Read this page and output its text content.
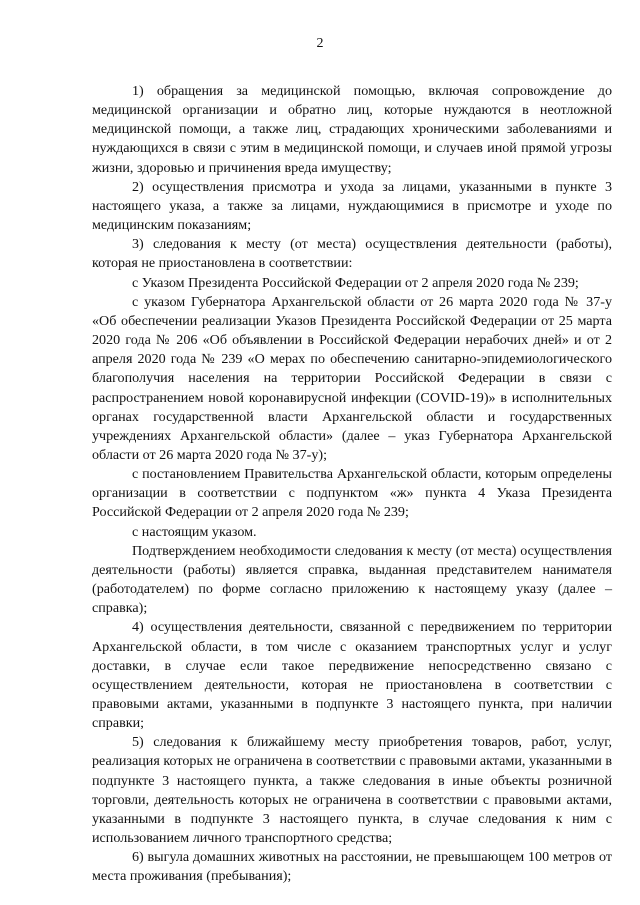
2

1) обращения за медицинской помощью, включая сопровождение до медицинской организации и обратно лиц, которые нуждаются в неотложной медицинской помощи, а также лиц, страдающих хроническими заболеваниями и нуждающихся в связи с этим в медицинской помощи, и случаев иной прямой угрозы жизни, здоровью и причинения вреда имуществу;

2) осуществления присмотра и ухода за лицами, указанными в пункте 3 настоящего указа, а также за лицами, нуждающимися в присмотре и уходе по медицинским показаниям;

3) следования к месту (от места) осуществления деятельности (работы), которая не приостановлена в соответствии:

с Указом Президента Российской Федерации от 2 апреля 2020 года № 239;

с указом Губернатора Архангельской области от 26 марта 2020 года № 37-у «Об обеспечении реализации Указов Президента Российской Федерации от 25 марта 2020 года № 206 «Об объявлении в Российской Федерации нерабочих дней» и от 2 апреля 2020 года № 239 «О мерах по обеспечению санитарно-эпидемиологического благополучия населения на территории Российской Федерации в связи с распространением новой коронавирусной инфекции (COVID-19)» в исполнительных органах государственной власти Архангельской области и государственных учреждениях Архангельской области» (далее – указ Губернатора Архангельской области от 26 марта 2020 года № 37-у);

с постановлением Правительства Архангельской области, которым определены организации в соответствии с подпунктом «ж» пункта 4 Указа Президента Российской Федерации от 2 апреля 2020 года № 239;

с настоящим указом.

Подтверждением необходимости следования к месту (от места) осуществления деятельности (работы) является справка, выданная представителем нанимателя (работодателем) по форме согласно приложению к настоящему указу (далее – справка);

4) осуществления деятельности, связанной с передвижением по территории Архангельской области, в том числе с оказанием транспортных услуг и услуг доставки, в случае если такое передвижение непосредственно связано с осуществлением деятельности, которая не приостановлена в соответствии с правовыми актами, указанными в подпункте 3 настоящего пункта, при наличии справки;

5) следования к ближайшему месту приобретения товаров, работ, услуг, реализация которых не ограничена в соответствии с правовыми актами, указанными в подпункте 3 настоящего пункта, а также следования в иные объекты розничной торговли, деятельность которых не ограничена в соответствии с правовыми актами, указанными в подпункте 3 настоящего пункта, в случае следования к ним с использованием личного транспортного средства;

6) выгула домашних животных на расстоянии, не превышающем 100 метров от места проживания (пребывания);
